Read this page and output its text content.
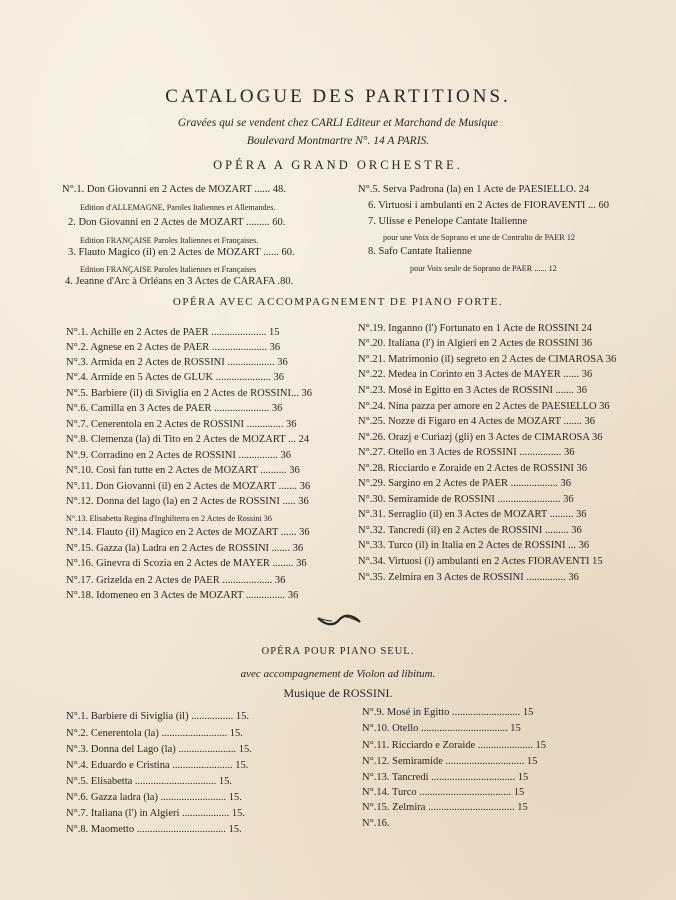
CATALOGUE DES PARTITIONS.
Gravées qui se vendent chez CARLI Editeur et Marchand de Musique
Boulevard Montmartre N°. 14 A PARIS.
OPÉRA A GRAND ORCHESTRE.
N°.1. Don Giovanni en 2 Actes de MOZART ...... 48.
Edition d'ALLEMAGNE, Paroles Italiennes et Allemandes.
2. Don Giovanni en 2 Actes de MOZART ......... 60.
Edition FRANÇAISE Paroles Italiennes et Françaises.
3. Flauto Magico (il) en 2 Actes de MOZART ...... 60.
Edition FRANÇAISE Paroles Italiennes et Françaises
4. Jeanne d'Arc à Orléans en 3 Actes de CARAFA .80.
N°.5. Serva Padrona (la) en 1 Acte de PAESIELLO. 24
6. Virtuosi i ambulanti en 2 Actes de FIORAVENTI ... 60
7. Ulisse e Penelope Cantate Italienne
pour une Voix de Soprano et une de Contralto de PAER 12
8. Safo Cantate Italienne
pour Voix seule de Soprano de PAER ...... 12
OPÉRA AVEC ACCOMPAGNEMENT DE PIANO FORTE.
N°.1. Achille en 2 Actes de PAER ..................... 15
N°.2. Agnese en 2 Actes de PAER ..................... 36
N°.3. Armida en 2 Actes de ROSSINI .................. 36
N°.4. Armide en 5 Actes de GLUK ..................... 36
N°.5. Barbiere (il) di Siviglia en 2 Actes de ROSSINI... 36
N°.6. Camilla en 3 Actes de PAER ..................... 36
N°.7. Cenerentola en 2 Actes de ROSSINI .............. 36
N°.8. Clemenza (la) di Tito en 2 Actes de MOZART ... 24
N°.9. Corradino en 2 Actes de ROSSINI ............... 36
N°.10. Cosi fan tutte en 2 Actes de MOZART .......... 36
N°.11. Don Giovanni (il) en 2 Actes de MOZART ....... 36
N°.12. Donna del lago (la) en 2 Actes de ROSSINI ..... 36
N°.13. Elisabetta Regina d'Inghilterra en 2 Actes de Rossini 36
N°.14. Flauto (il) Magico en 2 Actes de MOZART ...... 36
N°.15. Gazza (la) Ladra en 2 Actes de ROSSINI ....... 36
N°.16. Ginevra di Scozia en 2 Actes de MAYER ........ 36
N°.17. Grizelda en 2 Actes de PAER ................... 36
N°.18. Idomeneo en 3 Actes de MOZART ............... 36
N°.19. Inganno (l') Fortunato en 1 Acte de ROSSINI 24
N°.20. Italiana (l') in Algieri en 2 Actes de ROSSINI 36
N°.21. Matrimonio (il) segreto en 2 Actes de CIMAROSA 36
N°.22. Medea in Corinto en 3 Actes de MAYER ...... 36
N°.23. Mosé in Egitto en 3 Actes de ROSSINI ....... 36
N°.24. Nina pazza per amore en 2 Actes de PAESIELLO 36
N°.25. Nozze di Figaro en 4 Actes de MOZART ....... 36
N°.26. Orazj e Curiazj (gli) en 3 Actes de CIMAROSA 36
N°.27. Otello en 3 Actes de ROSSINI ................ 36
N°.28. Ricciardo e Zoraide en 2 Actes de ROSSINI 36
N°.29. Sargino en 2 Actes de PAER .................. 36
N°.30. Semiramide de ROSSINI ........................ 36
N°.31. Serraglio (il) en 3 Actes de MOZART ......... 36
N°.32. Tancredi (il) en 2 Actes de ROSSINI ......... 36
N°.33. Turco (il) in Italia en 2 Actes de ROSSINI ... 36
N°.34. Virtuosi (i) ambulanti en 2 Actes FIORAVENTI 15
N°.35. Zelmira en 3 Actes de ROSSINI ............... 36
OPÉRA POUR PIANO SEUL.
avec accompagnement de Violon ad libitum.
Musique de ROSSINI.
N°.1. Barbiere di Siviglia (il) ................ 15.
N°.2. Cenerentola (la) ......................... 15.
N°.3. Donna del Lago (la) ...................... 15.
N°.4. Eduardo e Cristina ....................... 15.
N°.5. Elisabetta ............................... 15.
N°.6. Gazza ladra (la) ......................... 15.
N°.7. Italiana (l') in Algieri .................. 15.
N°.8. Maometto .................................. 15.
N°.9. Mosé in Egitto .......................... 15
N°.10. Otello ................................. 15
N°.11. Ricciardo e Zoraide ..................... 15
N°.12. Semiramide .............................. 15
N°.13. Tancredi ................................ 15
N°.14. Turco ................................... 15
N°.15. Zelmira ................................. 15
N°.16.
